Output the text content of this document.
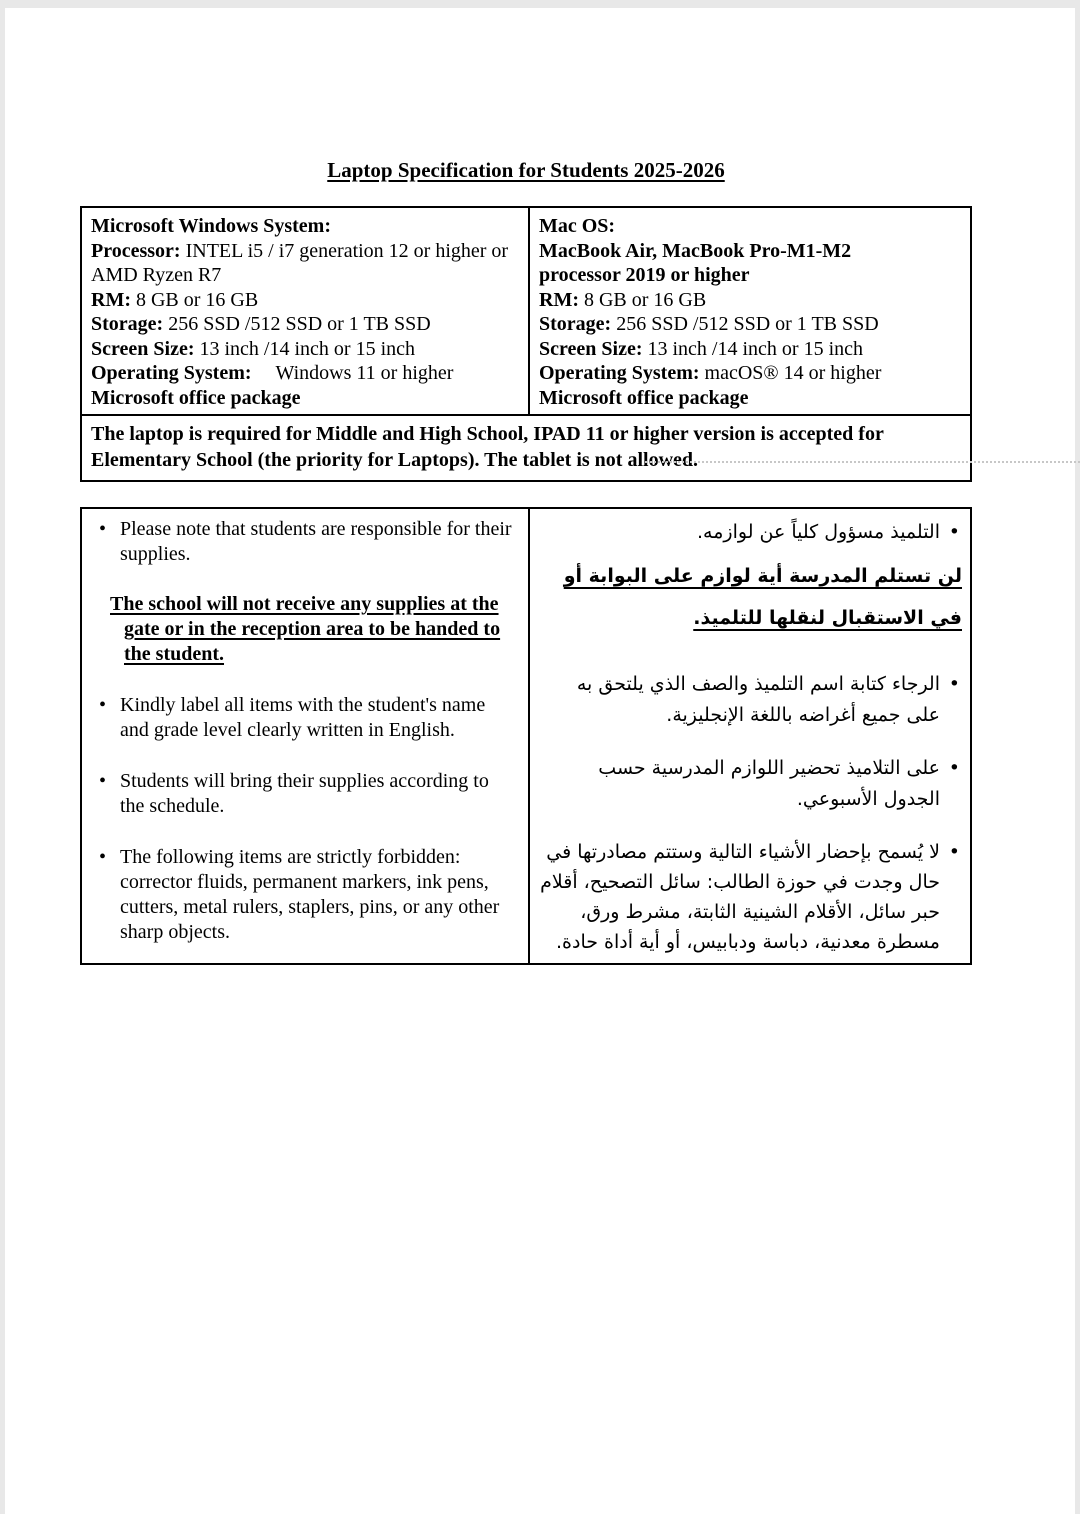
Laptop Specification for Students 2025-2026
Microsoft Windows System:
Processor: INTEL i5 / i7 generation 12 or higher or AMD Ryzen R7
RM: 8 GB or 16 GB
Storage: 256 SSD /512 SSD or 1 TB SSD
Screen Size: 13 inch /14 inch or 15 inch
Operating System: Windows 11 or higher
Microsoft office package
Mac OS:
MacBook Air, MacBook Pro-M1-M2
processor 2019 or higher
RM: 8 GB or 16 GB
Storage: 256 SSD /512 SSD or 1 TB SSD
Screen Size: 13 inch /14 inch or 15 inch
Operating System: macOS® 14 or higher
Microsoft office package
The laptop is required for Middle and High School, IPAD 11 or higher version is accepted for Elementary School (the priority for Laptops). The tablet is not allowed.

• Please note that students are responsible for their supplies.

The school will not receive any supplies at the gate or in the reception area to be handed to the student.

• Kindly label all items with the student's name and grade level clearly written in English.

• Students will bring their supplies according to the schedule.

• The following items are strictly forbidden: corrector fluids, permanent markers, ink pens, cutters, metal rulers, staplers, pins, or any other sharp objects.

• التلميذ مسؤول كلياً عن لوازمه.

لن تستلم المدرسة أية لوازم على البوابة أو في الاستقبال لنقلها للتلميذ.

• الرجاء كتابة اسم التلميذ والصف الذي يلتحق به على جميع أغراضه باللغة الإنجليزية.

• على التلاميذ تحضير اللوازم المدرسية حسب الجدول الأسبوعي.

• لا يُسمح بإحضار الأشياء التالية وستتم مصادرتها في حال وجدت في حوزة الطالب: سائل التصحيح، أقلام حبر سائل، الأقلام الشينية الثابتة، مشرط ورق، مسطرة معدنية، دباسة ودبابيس، أو أية أداة حادة.
